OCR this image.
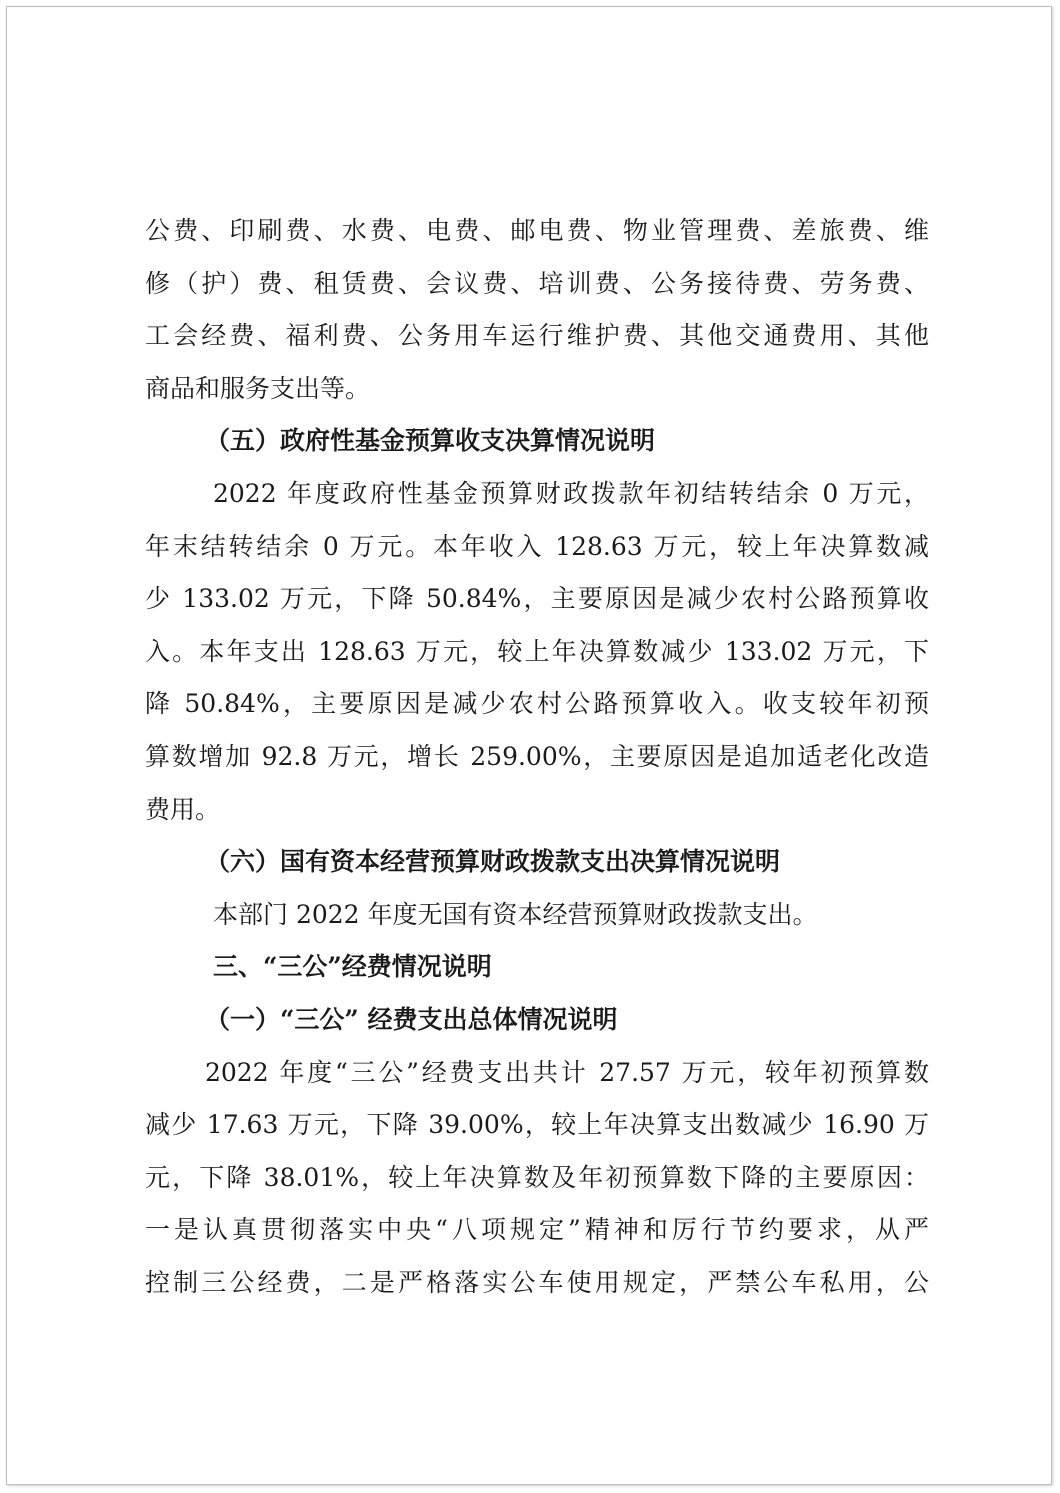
公费、印刷费、水费、电费、邮电费、物业管理费、差旅费、维
修（护）费、租赁费、会议费、培训费、公务接待费、劳务费、
工会经费、福利费、公务用车运行维护费、其他交通费用、其他
商品和服务支出等。
（五）政府性基金预算收支决算情况说明
2022 年度政府性基金预算财政拨款年初结转结余 0 万元，
年末结转结余 0 万元。本年收入 128.63 万元，较上年决算数减
少 133.02 万元，下降 50.84%，主要原因是减少农村公路预算收
入。本年支出 128.63 万元，较上年决算数减少 133.02 万元，下
降 50.84%，主要原因是减少农村公路预算收入。收支较年初预
算数增加 92.8 万元，增长 259.00%，主要原因是追加适老化改造
费用。
（六）国有资本经营预算财政拨款支出决算情况说明
本部门 2022 年度无国有资本经营预算财政拨款支出。
三、“三公”经费情况说明
（一）“三公” 经费支出总体情况说明
2022 年度“三公”经费支出共计 27.57 万元，较年初预算数
减少 17.63 万元，下降 39.00%，较上年决算支出数减少 16.90 万
元，下降 38.01%，较上年决算数及年初预算数下降的主要原因：
一是认真贯彻落实中央“八项规定”精神和厉行节约要求，从严
控制三公经费，二是严格落实公车使用规定，严禁公车私用，公
